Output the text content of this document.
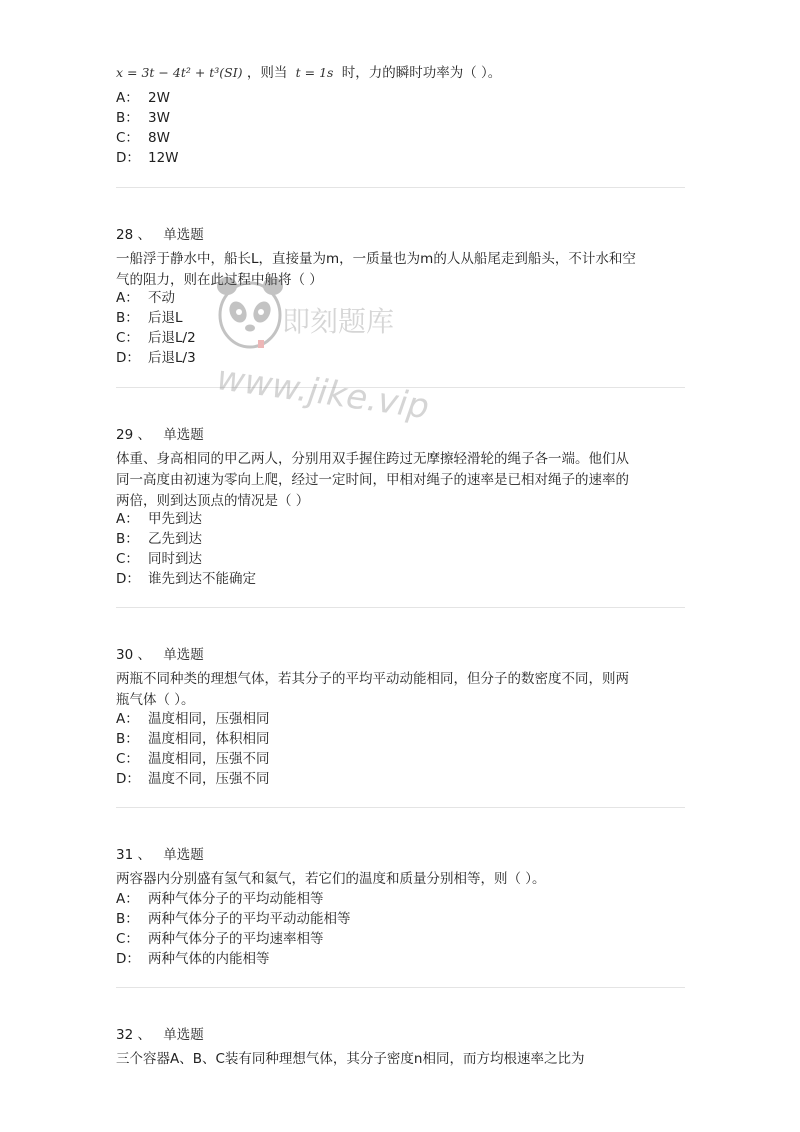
x = 3t − 4t² + t³(SI) ，则当 t = 1s 时，力的瞬时功率为（ ）。
A： 2W
B： 3W
C： 8W
D： 12W
28 、 单选题
一船浮于静水中，船长L，直接量为m，一质量也为m的人从船尾走到船头，不计水和空
气的阻力，则在此过程中船将（ ）
A： 不动
B： 后退L
C： 后退L/2
D： 后退L/3
29 、 单选题
体重、身高相同的甲乙两人，分别用双手握住跨过无摩擦轻滑轮的绳子各一端。他们从
同一高度由初速为零向上爬，经过一定时间，甲相对绳子的速率是已相对绳子的速率的
两倍，则到达顶点的情况是（ ）
A： 甲先到达
B： 乙先到达
C： 同时到达
D： 谁先到达不能确定
30 、 单选题
两瓶不同种类的理想气体，若其分子的平均平动动能相同，但分子的数密度不同，则两
瓶气体（ ）。
A： 温度相同，压强相同
B： 温度相同，体积相同
C： 温度相同，压强不同
D： 温度不同，压强不同
31 、 单选题
两容器内分别盛有氢气和氦气，若它们的温度和质量分别相等，则（ ）。
A： 两种气体分子的平均动能相等
B： 两种气体分子的平均平动动能相等
C： 两种气体分子的平均速率相等
D： 两种气体的内能相等
32 、 单选题
三个容器A、B、C装有同种理想气体，其分子密度n相同，而方均根速率之比为
即刻题库
www.jike.vip
